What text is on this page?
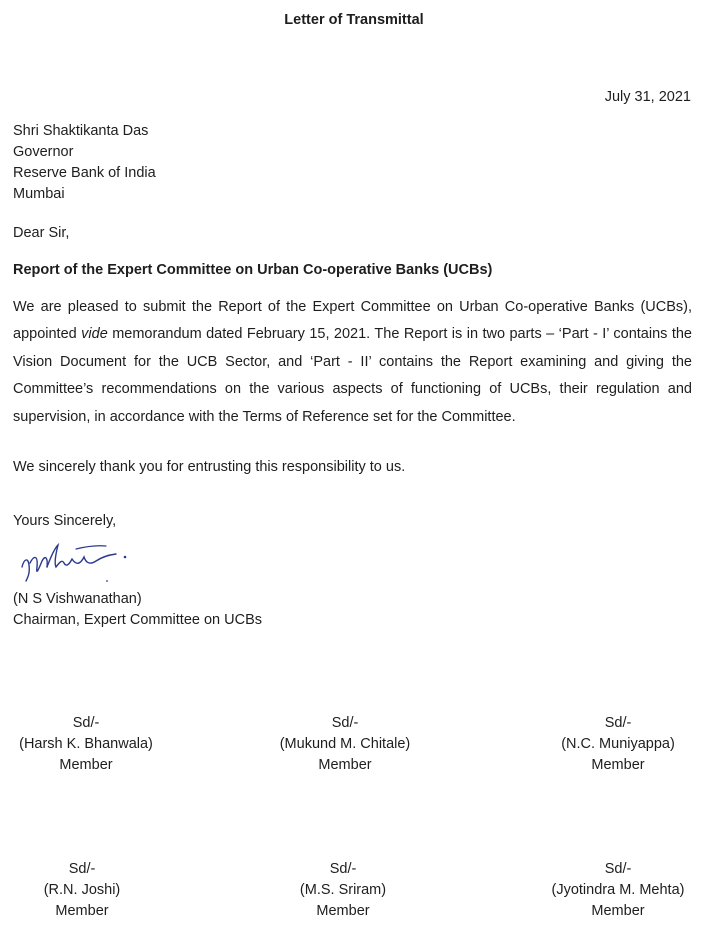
Letter of Transmittal
July 31, 2021
Shri Shaktikanta Das
Governor
Reserve Bank of India
Mumbai
Dear Sir,
Report of the Expert Committee on Urban Co-operative Banks (UCBs)
We are pleased to submit the Report of the Expert Committee on Urban Co-operative Banks (UCBs), appointed vide memorandum dated February 15, 2021. The Report is in two parts – ‘Part - I’ contains the Vision Document for the UCB Sector, and ‘Part - II’ contains the Report examining and giving the Committee’s recommendations on the various aspects of functioning of UCBs, their regulation and supervision, in accordance with the Terms of Reference set for the Committee.
We sincerely thank you for entrusting this responsibility to us.
Yours Sincerely,
(N S Vishwanathan)
Chairman, Expert Committee on UCBs
Sd/-
(Harsh K. Bhanwala)
Member
Sd/-
(Mukund M. Chitale)
Member
Sd/-
(N.C. Muniyappa)
Member
Sd/-
(R.N. Joshi)
Member
Sd/-
(M.S. Sriram)
Member
Sd/-
(Jyotindra M. Mehta)
Member
